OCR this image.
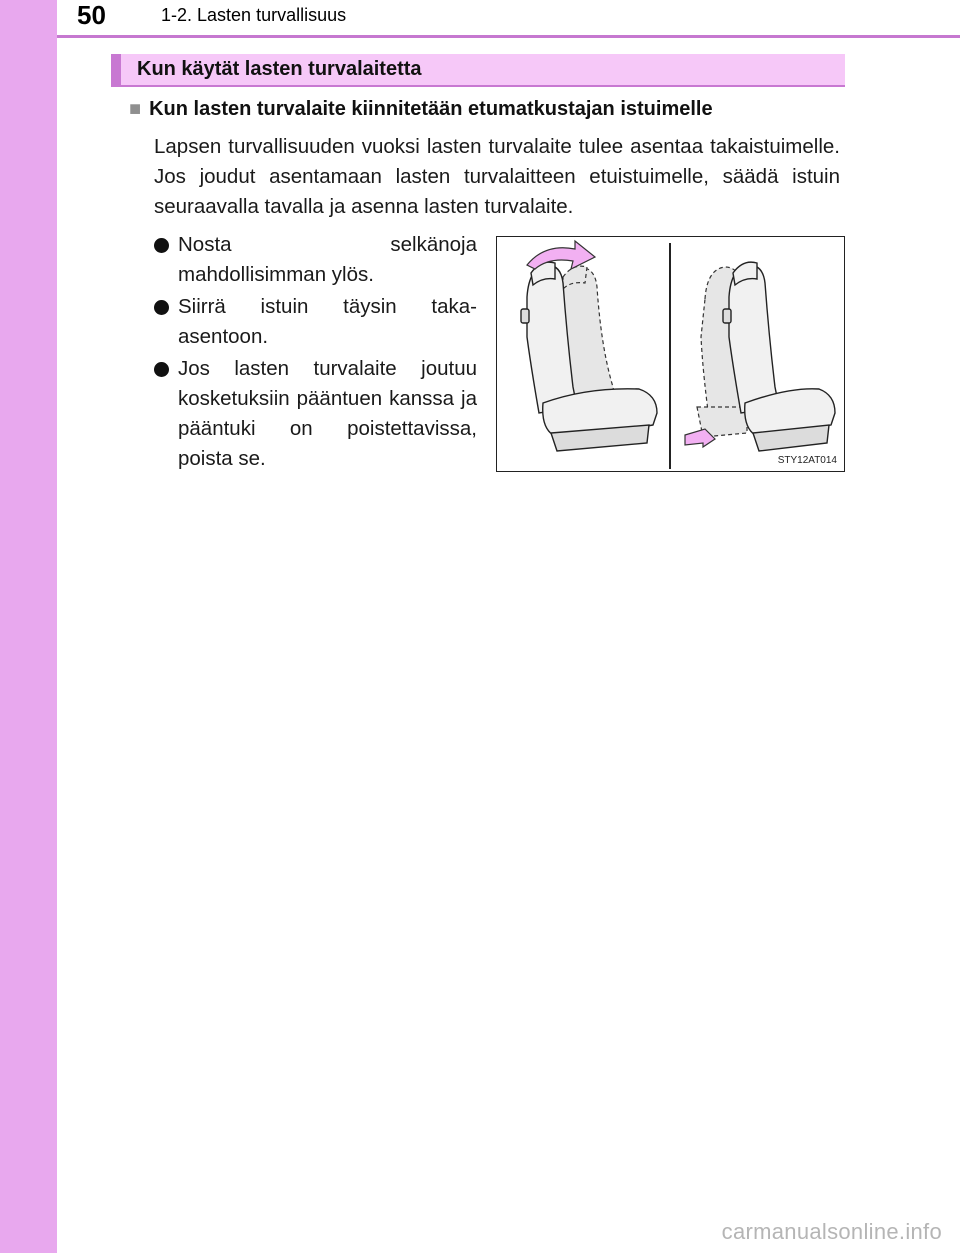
50	1-2. Lasten turvallisuus
Kun käytät lasten turvalaitetta
■ Kun lasten turvalaite kiinnitetään etumatkustajan istuimelle
Lapsen turvallisuuden vuoksi lasten turvalaite tulee asentaa takaistuimelle. Jos joudut asentamaan lasten turvalaitteen etuistuimelle, säädä istuin seuraavalla tavalla ja asenna lasten turvalaite.
Nosta selkänoja mahdollisimman ylös.
Siirrä istuin täysin taka-asentoon.
Jos lasten turvalaite joutuu kosketuksiin pääntuen kanssa ja pääntuki on poistettavissa, poista se.	STY12AT014
carmanualsonline.info
